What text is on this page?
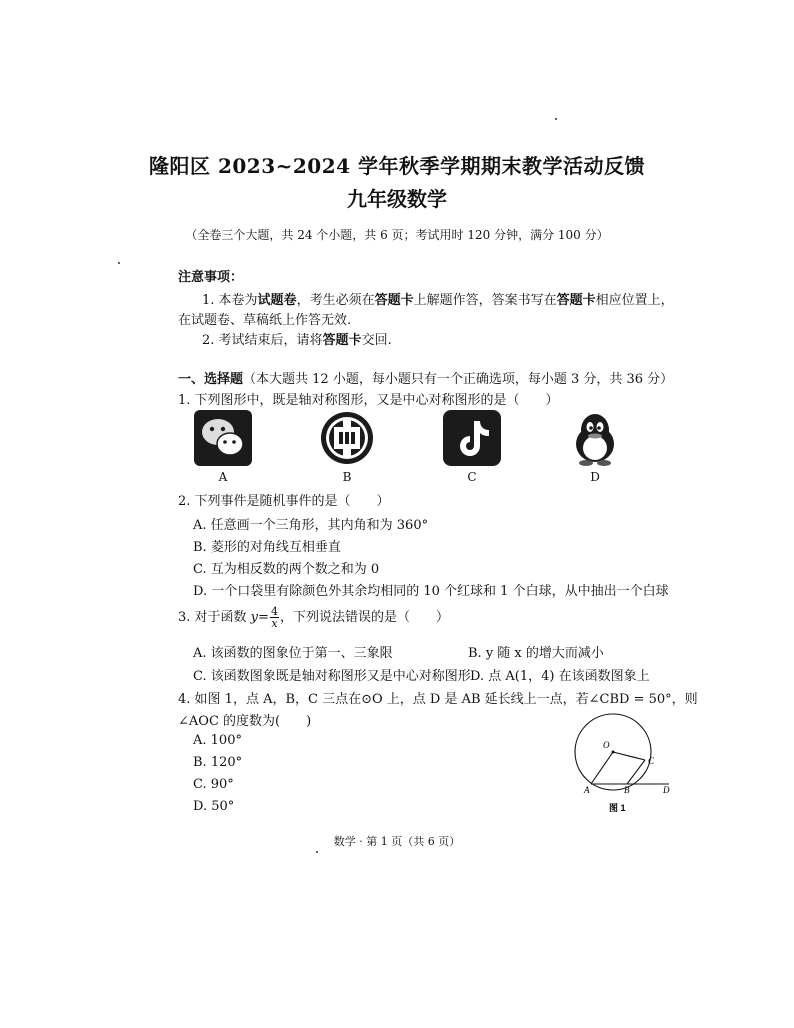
隆阳区 2023~2024 学年秋季学期期末教学活动反馈
九年级数学
（全卷三个大题，共 24 个小题，共 6 页；考试用时 120 分钟，满分 100 分）
注意事项：
1. 本卷为试题卷，考生必须在答题卡上解题作答，答案书写在答题卡相应位置上，
在试题卷、草稿纸上作答无效.
2. 考试结束后，请将答题卡交回.
一、选择题（本大题共 12 小题，每小题只有一个正确选项，每小题 3 分，共 36 分）
1. 下列图形中，既是轴对称图形，又是中心对称图形的是（　　）
A	B	C	D
2. 下列事件是随机事件的是（　　）
A. 任意画一个三角形，其内角和为 360°
B. 菱形的对角线互相垂直
C. 互为相反数的两个数之和为 0
D. 一个口袋里有除颜色外其余均相同的 10 个红球和 1 个白球，从中抽出一个白球
3. 对于函数 $y= \frac{4}{x}$ ，下列说法错误的是（　　）
A. 该函数的图象位于第一、三象限	B. y 随 x 的增大而减小
C. 该函数图象既是轴对称图形又是中心对称图形 D. 点 A(1，4) 在该函数图象上
4. 如图 1，点 A，B，C 三点在⊙O 上，点 D 是 AB 延长线上一点，若∠CBD = 50°，则
∠AOC 的度数为(　　)
A. 100°
B. 120°
C. 90°
D. 50°
O
C
A	B	D
图 1
数学 · 第 1 页（共 6 页）
